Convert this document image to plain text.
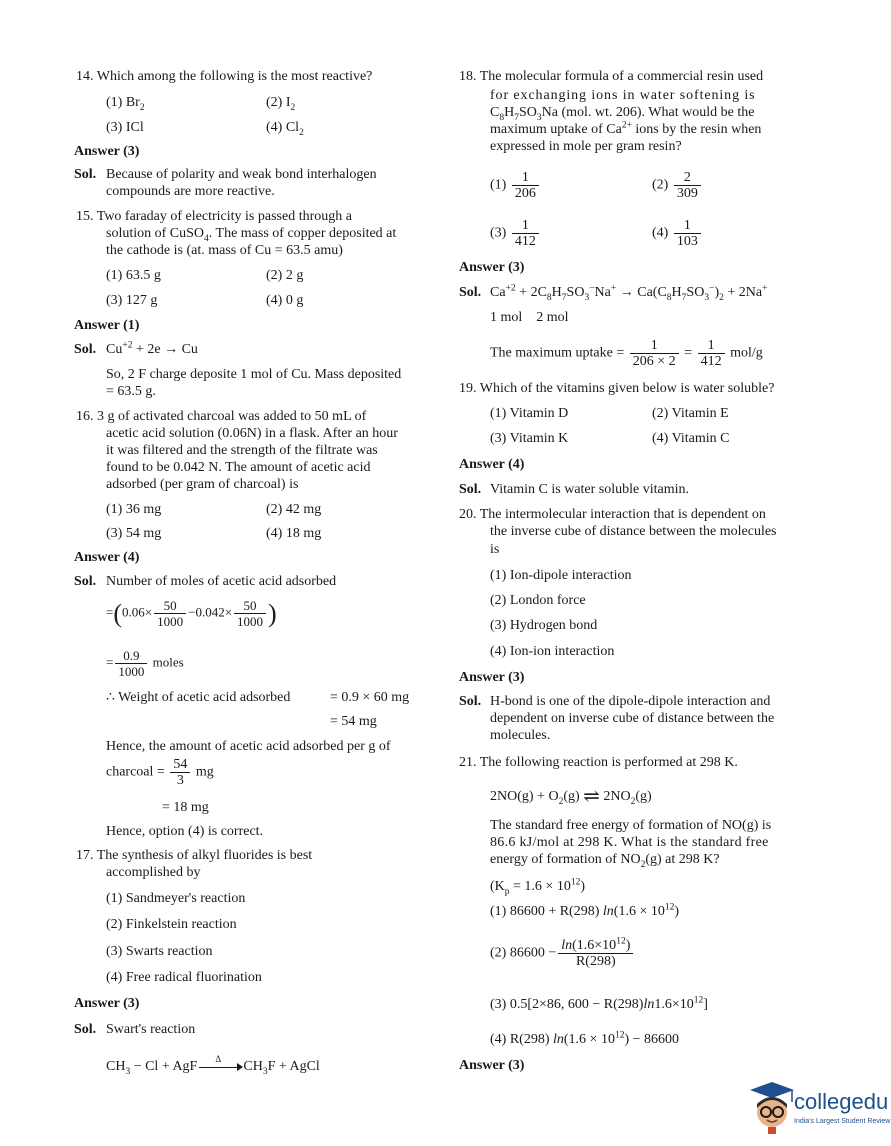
14. Which among the following is the most reactive?
(1) $Br_2$	(2) $I_2$
(3) ICl	(4) $Cl_2$
Answer (3)
Sol. Because of polarity and weak bond interhalogen
compounds are more reactive.
15. Two faraday of electricity is passed through a
solution of CuSO$_4$. The mass of copper deposited at
the cathode is (at. mass of Cu = 63.5 amu)
(1) 63.5 g	(2) 2 g
(3) 127 g	(4) 0 g
Answer (1)
Sol. $Cu^{+2} + 2e \to Cu$
So, 2 F charge deposite 1 mol of Cu. Mass deposited
= 63.5 g.
16. 3 g of activated charcoal was added to 50 mL of
acetic acid solution (0.06N) in a flask. After an hour
it was filtered and the strength of the filtrate was
found to be 0.042 N. The amount of acetic acid
adsorbed (per gram of charcoal) is
(1) 36 mg	(2) 42 mg
(3) 54 mg	(4) 18 mg
Answer (4)
Sol. Number of moles of acetic acid adsorbed
$=(0.06\times \frac{50}{1000} -0.042\times \frac{50}{1000}$ )
= $\frac{0.9}{1000}$ moles
∴ Weight of acetic acid adsorbed	= 0.9 × 60 mg
= 54 mg
Hence, the amount of acetic acid adsorbed per g of
charcoal = $\frac{54}{3}$ mg
= 18 mg
Hence, option (4) is correct.
17. The synthesis of alkyl fluorides is best
accomplished by
(1) Sandmeyer's reaction
(2) Finkelstein reaction
(3) Swarts reaction
(4) Free radical fluorination
Answer (3)
Sol. Swart's reaction
$CH_3 - Cl$ + AgF
Δ
$CH_3F$ + AgCl
18. The molecular formula of a commercial resin used
for exchanging ions in water softening is
$C_8H_7SO_3Na$ (mol. wt. 206). What would be the
maximum uptake of $Ca^{2+}$ ions by the resin when
expressed in mole per gram resin?
$(1) \frac{1}{206}$	$(2) \frac{2}{309}$
$(3) \frac{1}{412}$	$(4) \frac{1}{103}$
Answer (3)
Sol. $Ca^{+2} + 2C_8H_7SO_3^-Na^+ \to Ca(C_8H_7SO_3^-)_2 + 2Na^+$
1 mol    2 mol
The maximum uptake = $\frac{1}{206 \times 2} = \frac{1}{412} mol/g$
19. Which of the vitamins given below is water soluble?
(1) Vitamin D	(2) Vitamin E
(3) Vitamin K	(4) Vitamin C
Answer (4)
Sol. Vitamin C is water soluble vitamin.
20. The intermolecular interaction that is dependent on
the inverse cube of distance between the molecules
is
(1) Ion-dipole interaction
(2) London force
(3) Hydrogen bond
(4) Ion-ion interaction
Answer (3)
Sol. H-bond is one of the dipole-dipole interaction and
dependent on inverse cube of distance between the
molecules.
21. The following reaction is performed at 298 K.
$2NO(g) + O_2(g)$ ⇌ $2NO_2(g)$
The standard free energy of formation of NO(g) is
86.6 kJ/mol at 298 K. What is the standard free
energy of formation of $NO_2(g)$ at 298 K?
$(K_p = 1.6 \times 10^{12})$
(1) 86600 + R(298) $\ln(1.6 \times 10^{12})$
(2) $86600 - \frac{\ln(1.6\times 10^{12})}{R(298)}$
(3) 0.5[2×86, $600 - R(298)\ln 1.6\times 10^{12}$]
(4) R(298) $\ln(1.6 \times 10^{12}) - 86600$
Answer (3)
collegedu
India's Largest Student Review
